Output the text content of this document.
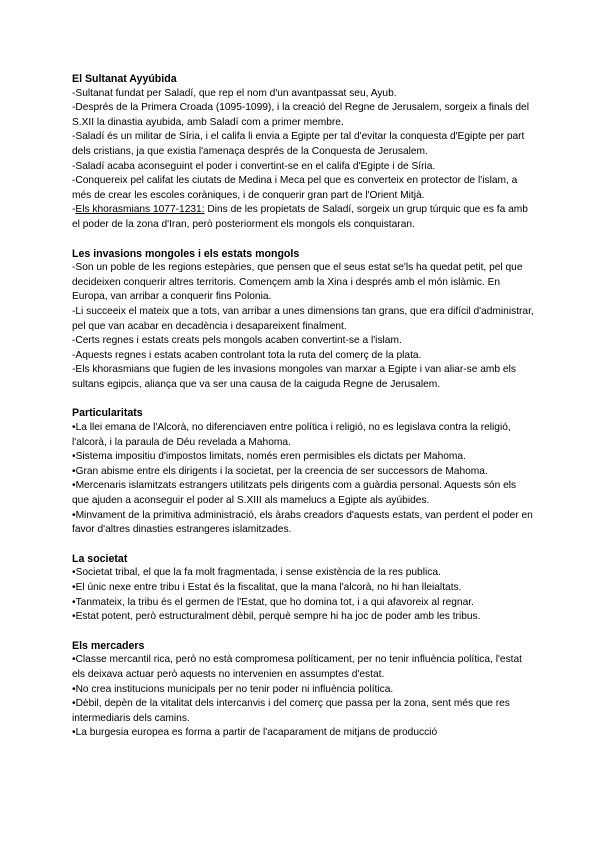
El Sultanat Ayyúbida

-Sultanat fundat per Saladí, que rep el nom d'un avantpassat seu, Ayub.

-Després de la Primera Croada (1095-1099), i la creació del Regne de Jerusalem, sorgeix a finals del S.XII la dinastia ayubida, amb Saladí com a primer membre.

-Saladí és un militar de Síria, i el califa li envia a Egipte per tal d'evitar la conquesta d'Egipte per part dels cristians, ja que existia l'amenaça després de la Conquesta de Jerusalem.

-Saladí acaba aconseguint el poder i convertint-se en el califa d'Egipte i de Síria.

-Conquereix pel califat les ciutats de Medina i Meca pel que es converteix en protector de l'islam, a més de crear les escoles coràniques, i de conquerir gran part de l'Orient Mitjà.

-Els khorasmians 1077-1231: Dins de les propietats de Saladí, sorgeix un grup túrquic que es fa amb el poder de la zona d'Iran, però posteriorment els mongols els conquistaran.

Les invasions mongoles i els estats mongols

-Son un poble de les regions estepàries, que pensen que el seus estat se'ls ha quedat petit, pel que decideixen conquerir altres territoris. Començem amb la Xina i després amb el món islàmic. En Europa, van arribar a conquerir fins Polonia.

-Li succeeix el mateix que a tots, van arribar a unes dimensions tan grans, que era difícil d'administrar, pel que van acabar en decadència i desapareixent finalment.

-Certs regnes i estats creats pels mongols acaben convertint-se a l'islam.

-Aquests regnes i estats acaben controlant tota la ruta del comerç de la plata.

-Els khorasmians que fugien de les invasions mongoles van marxar a Egipte i van aliar-se amb els sultans egipcis, aliança que va ser una causa de la caiguda Regne de Jerusalem.

Particularitats

•La llei emana de l'Alcorà, no diferenciaven entre política i religió, no es legislava contra la religió, l'alcorà, i la paraula de Déu revelada a Mahoma.

•Sistema impositiu d'impostos limitats, només eren permisibles els dictats per Mahoma.

•Gran abisme entre els dirigents i la societat, per la creencia de ser successors de Mahoma.

•Mercenaris islamitzats estrangers utilitzats pels dirigents com a guàrdia personal. Aquests són els que ajuden a aconseguir el poder al S.XIII als mamelucs a Egipte als ayúbides.

•Minvament de la primitiva administració, els àrabs creadors d'aquests estats, van perdent el poder en favor d'altres dinasties estrangeres islamitzades.

La societat

•Societat tribal, el que la fa molt fragmentada, i sense existència de la res publica.

•El únic nexe entre tribu i Estat és la fiscalitat, que la mana l'alcorà, no hi han lleialtats.

•Tanmateix, la tribu és el germen de l'Estat, que ho domina tot, i a qui afavoreix al regnar.

•Estat potent, però estructuralment dèbil, perquè sempre hi ha joc de poder amb les tribus.

Els mercaders

•Classe mercantil rica, però no està compromesa políticament, per no tenir influència política, l'estat els deixava actuar però aquests no intervenien en assumptes d'estat.

•No crea institucions municipals per no tenir poder ni influència política.

•Dèbil, depèn de la vitalitat dels intercanvis i del comerç que passa per la zona, sent més que res intermediaris dels camins.

•La burgesia europea es forma a partir de l'acaparament de mitjans de producció
